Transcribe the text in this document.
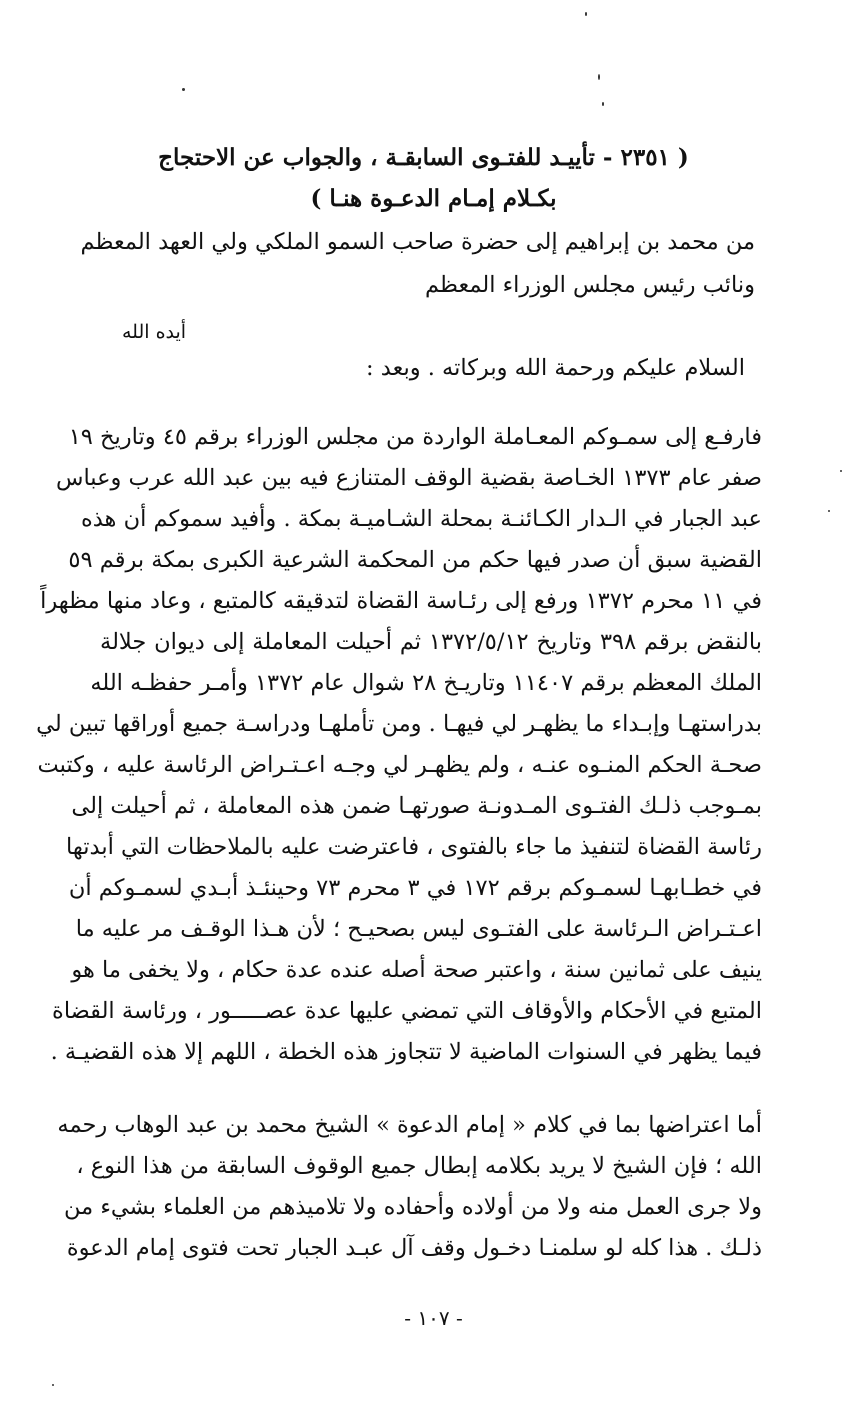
( ٢٣٥١ - تأييـد للفتـوى السابقـة ، والجواب عن الاحتجاج
بكـلام إمـام الدعـوة هنـا )
من محمد بن إبراهيم إلى حضرة صاحب السمو الملكي ولي العهد المعظم
ونائب رئيس مجلس الوزراء المعظم
أيده الله
السلام عليكم ورحمة الله وبركاته . وبعد :
فارفـع إلى سمـوكم المعـاملة الواردة من مجلس الوزراء برقم ٤٥ وتاريخ ١٩
صفر عام ١٣٧٣ الخـاصة بقضية الوقف المتنازع فيه بين عبد الله عرب وعباس
عبد الجبار في الـدار الكـائنـة بمحلة الشـاميـة بمكة . وأفيد سموكم أن هذه
القضية سبق أن صدر فيها حكم من المحكمة الشرعية الكبرى بمكة برقم ٥٩
في ١١ محرم ١٣٧٢ ورفع إلى رئـاسة القضاة لتدقيقه كالمتبع ، وعاد منها مظهراً
بالنقض برقم ٣٩٨ وتاريخ ١٣٧٢/٥/١٢ ثم أحيلت المعاملة إلى ديوان جلالة
الملك المعظم برقم ١١٤٠٧ وتاريـخ ٢٨ شوال عام ١٣٧٢ وأمـر حفظـه الله
بدراستهـا وإبـداء ما يظهـر لي فيهـا . ومن تأملهـا ودراسـة جميع أوراقها تبين لي
صحـة الحكم المنـوه عنـه ، ولم يظهـر لي وجـه اعـتـراض الرئاسة عليه ، وكتبت
بمـوجب ذلـك الفتـوى المـدونـة صورتهـا ضمن هذه المعاملة ، ثم أحيلت إلى
رئاسة القضاة لتنفيذ ما جاء بالفتوى ، فاعترضت عليه بالملاحظات التي أبدتها
في خطـابهـا لسمـوكم برقم ١٧٢ في ٣ محرم ٧٣ وحينئـذ أبـدي لسمـوكم أن
اعـتـراض الـرئاسة على الفتـوى ليس بصحيـح ؛ لأن هـذا الوقـف مر عليه ما
ينيف على ثمانين سنة ، واعتبر صحة أصله عنده عدة حكام ، ولا يخفى ما هو
المتبع في الأحكام والأوقاف التي تمضي عليها عدة عصـــــور ، ورئاسة القضاة
فيما يظهر في السنوات الماضية لا تتجاوز هذه الخطة ، اللهم إلا هذه القضيـة .
أما اعتراضها بما في كلام « إمام الدعوة » الشيخ محمد بن عبد الوهاب رحمه
الله ؛ فإن الشيخ لا يريد بكلامه إبطال جميع الوقوف السابقة من هذا النوع ،
ولا جرى العمل منه ولا من أولاده وأحفاده ولا تلاميذهم من العلماء بشيء من
ذلـك . هذا كله لو سلمنـا دخـول وقف آل عبـد الجبار تحت فتوى إمام الدعوة
- ١٠٧ -
